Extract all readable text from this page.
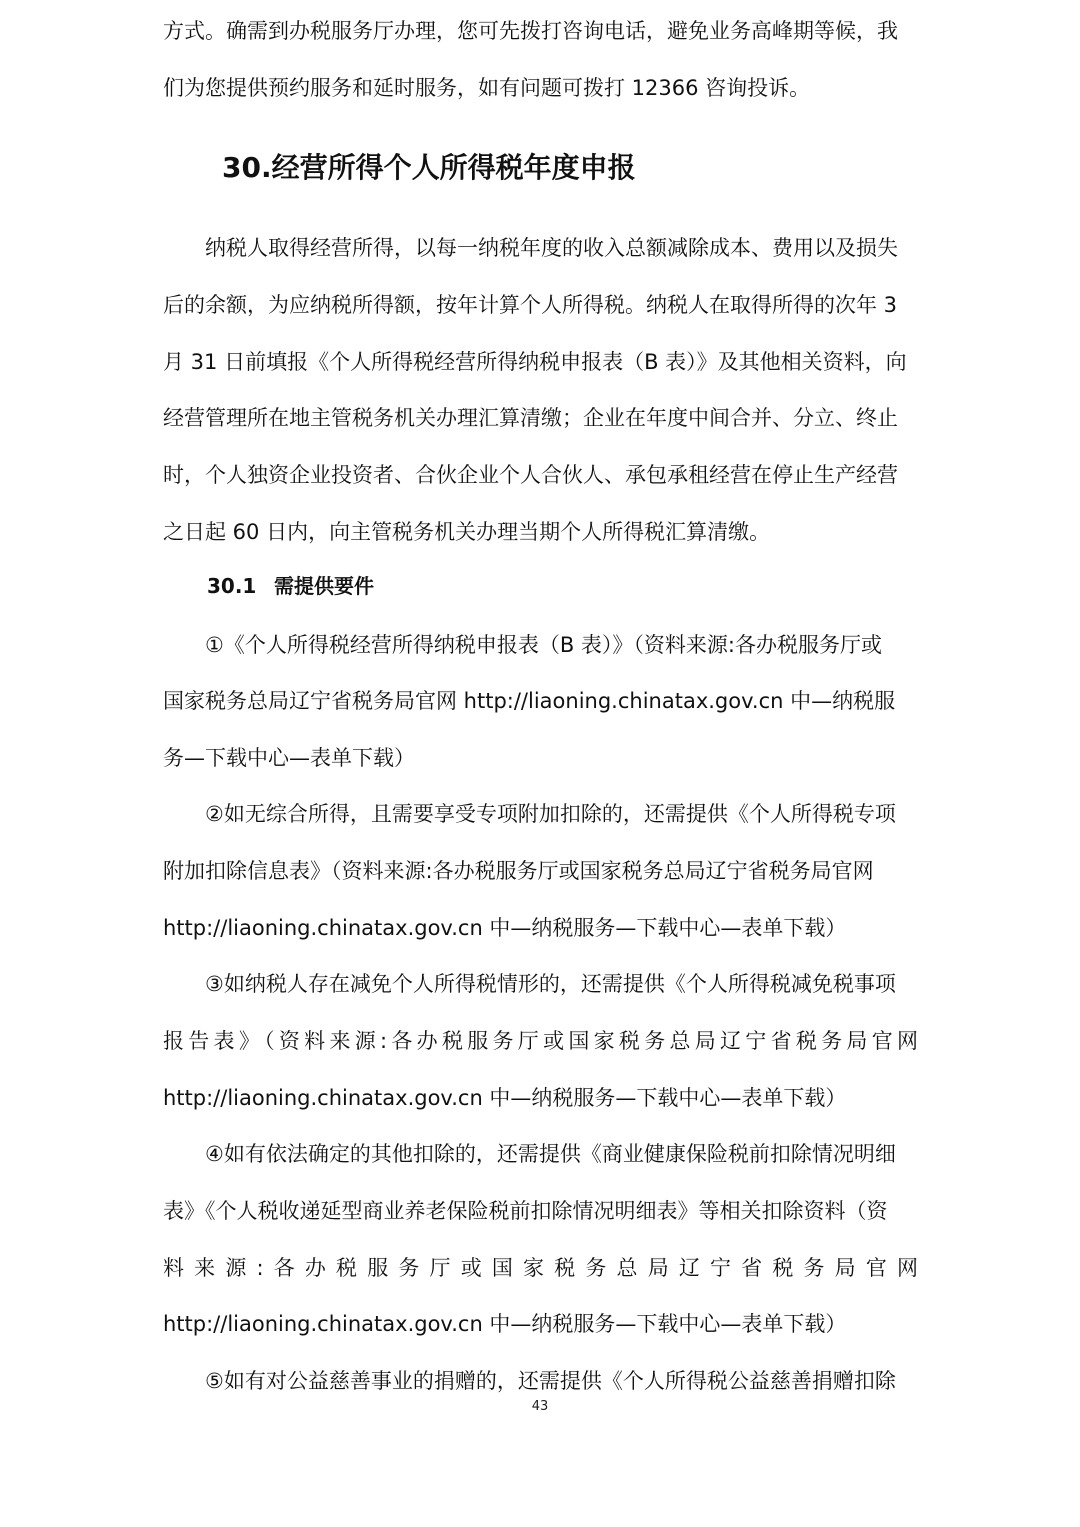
方式。确需到办税服务厅办理，您可先拨打咨询电话，避免业务高峰期等候，我
们为您提供预约服务和延时服务，如有问题可拨打 12366 咨询投诉。
30.经营所得个人所得税年度申报
纳税人取得经营所得，以每一纳税年度的收入总额减除成本、费用以及损失
后的余额，为应纳税所得额，按年计算个人所得税。纳税人在取得所得的次年 3
月 31 日前填报《个人所得税经营所得纳税申报表（B 表）》及其他相关资料，向
经营管理所在地主管税务机关办理汇算清缴；企业在年度中间合并、分立、终止
时，个人独资企业投资者、合伙企业个人合伙人、承包承租经营在停止生产经营
之日起 60 日内，向主管税务机关办理当期个人所得税汇算清缴。
30.1 需提供要件
①《个人所得税经营所得纳税申报表（B 表）》（资料来源:各办税服务厅或
国家税务总局辽宁省税务局官网 http://liaoning.chinatax.gov.cn 中—纳税服
务—下载中心—表单下载）
②如无综合所得，且需要享受专项附加扣除的，还需提供《个人所得税专项
附加扣除信息表》（资料来源:各办税服务厅或国家税务总局辽宁省税务局官网
http://liaoning.chinatax.gov.cn 中—纳税服务—下载中心—表单下载）
③如纳税人存在减免个人所得税情形的，还需提供《个人所得税减免税事项
报告表》（资料来源:各办税服务厅或国家税务总局辽宁省税务局官网
http://liaoning.chinatax.gov.cn 中—纳税服务—下载中心—表单下载）
④如有依法确定的其他扣除的，还需提供《商业健康保险税前扣除情况明细
表》《个人税收递延型商业养老保险税前扣除情况明细表》等相关扣除资料（资
料来源:各办税服务厅或国家税务总局辽宁省税务局官网
http://liaoning.chinatax.gov.cn 中—纳税服务—下载中心—表单下载）
⑤如有对公益慈善事业的捐赠的，还需提供《个人所得税公益慈善捐赠扣除
43
